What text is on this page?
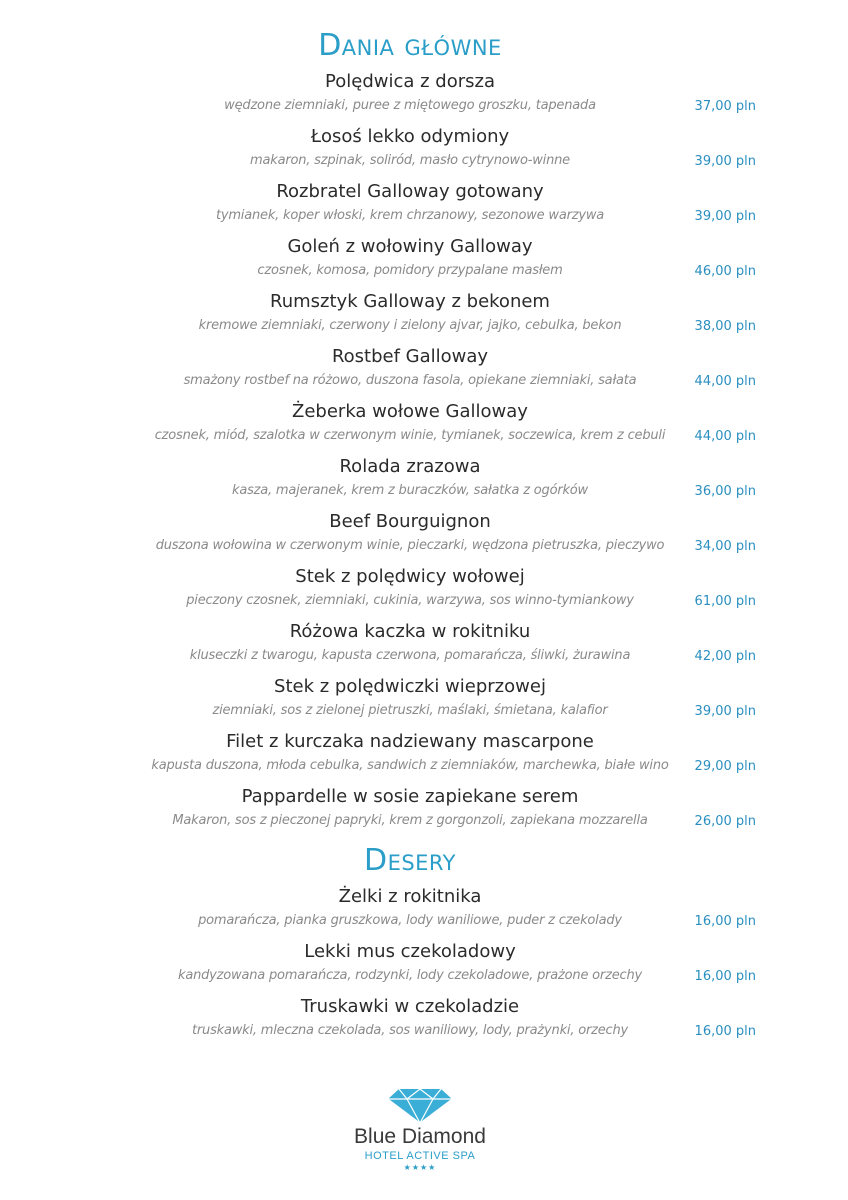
Dania główne
Polędwica z dorsza
wędzone ziemniaki, puree z miętowego groszku, tapenada	37,00 pln
Łosoś lekko odymiony
makaron, szpinak, soliród, masło cytrynowo-winne	39,00 pln
Rozbratel Galloway gotowany
tymianek, koper włoski, krem chrzanowy, sezonowe warzywa	39,00 pln
Goleń z wołowiny Galloway
czosnek, komosa, pomidory przypalane masłem	46,00 pln
Rumsztyk Galloway z bekonem
kremowe ziemniaki, czerwony i zielony ajvar, jajko, cebulka, bekon	38,00 pln
Rostbef Galloway
smażony rostbef na różowo, duszona fasola, opiekane ziemniaki, sałata	44,00 pln
Żeberka wołowe Galloway
czosnek, miód, szalotka w czerwonym winie, tymianek, soczewica, krem z cebuli	44,00 pln
Rolada zrazowa
kasza, majeranek, krem z buraczków, sałatka z ogórków	36,00 pln
Beef Bourguignon
duszona wołowina w czerwonym winie, pieczarki, wędzona pietruszka, pieczywo	34,00 pln
Stek z polędwicy wołowej
pieczony czosnek, ziemniaki, cukinia, warzywa, sos winno-tymiankowy	61,00 pln
Różowa kaczka w rokitniku
kluseczki z twarogu, kapusta czerwona, pomarańcza, śliwki, żurawina	42,00 pln
Stek z polędwiczki wieprzowej
ziemniaki, sos z zielonej pietruszki, maślaki, śmietana, kalafior	39,00 pln
Filet z kurczaka nadziewany mascarpone
kapusta duszona, młoda cebulka, sandwich z ziemniaków, marchewka, białe wino	29,00 pln
Pappardelle w sosie zapiekane serem
Makaron, sos z pieczonej papryki, krem z gorgonzoli, zapiekana mozzarella	26,00 pln
Desery
Żelki z rokitnika
pomarańcza, pianka gruszkowa, lody waniliowe, puder z czekolady	16,00 pln
Lekki mus czekoladowy
kandyzowana pomarańcza, rodzynki, lody czekoladowe, prażone orzechy	16,00 pln
Truskawki w czekoladzie
truskawki, mleczna czekolada, sos waniliowy, lody, prażynki, orzechy	16,00 pln
Blue Diamond
HOTEL ACTIVE SPA
★★★★
